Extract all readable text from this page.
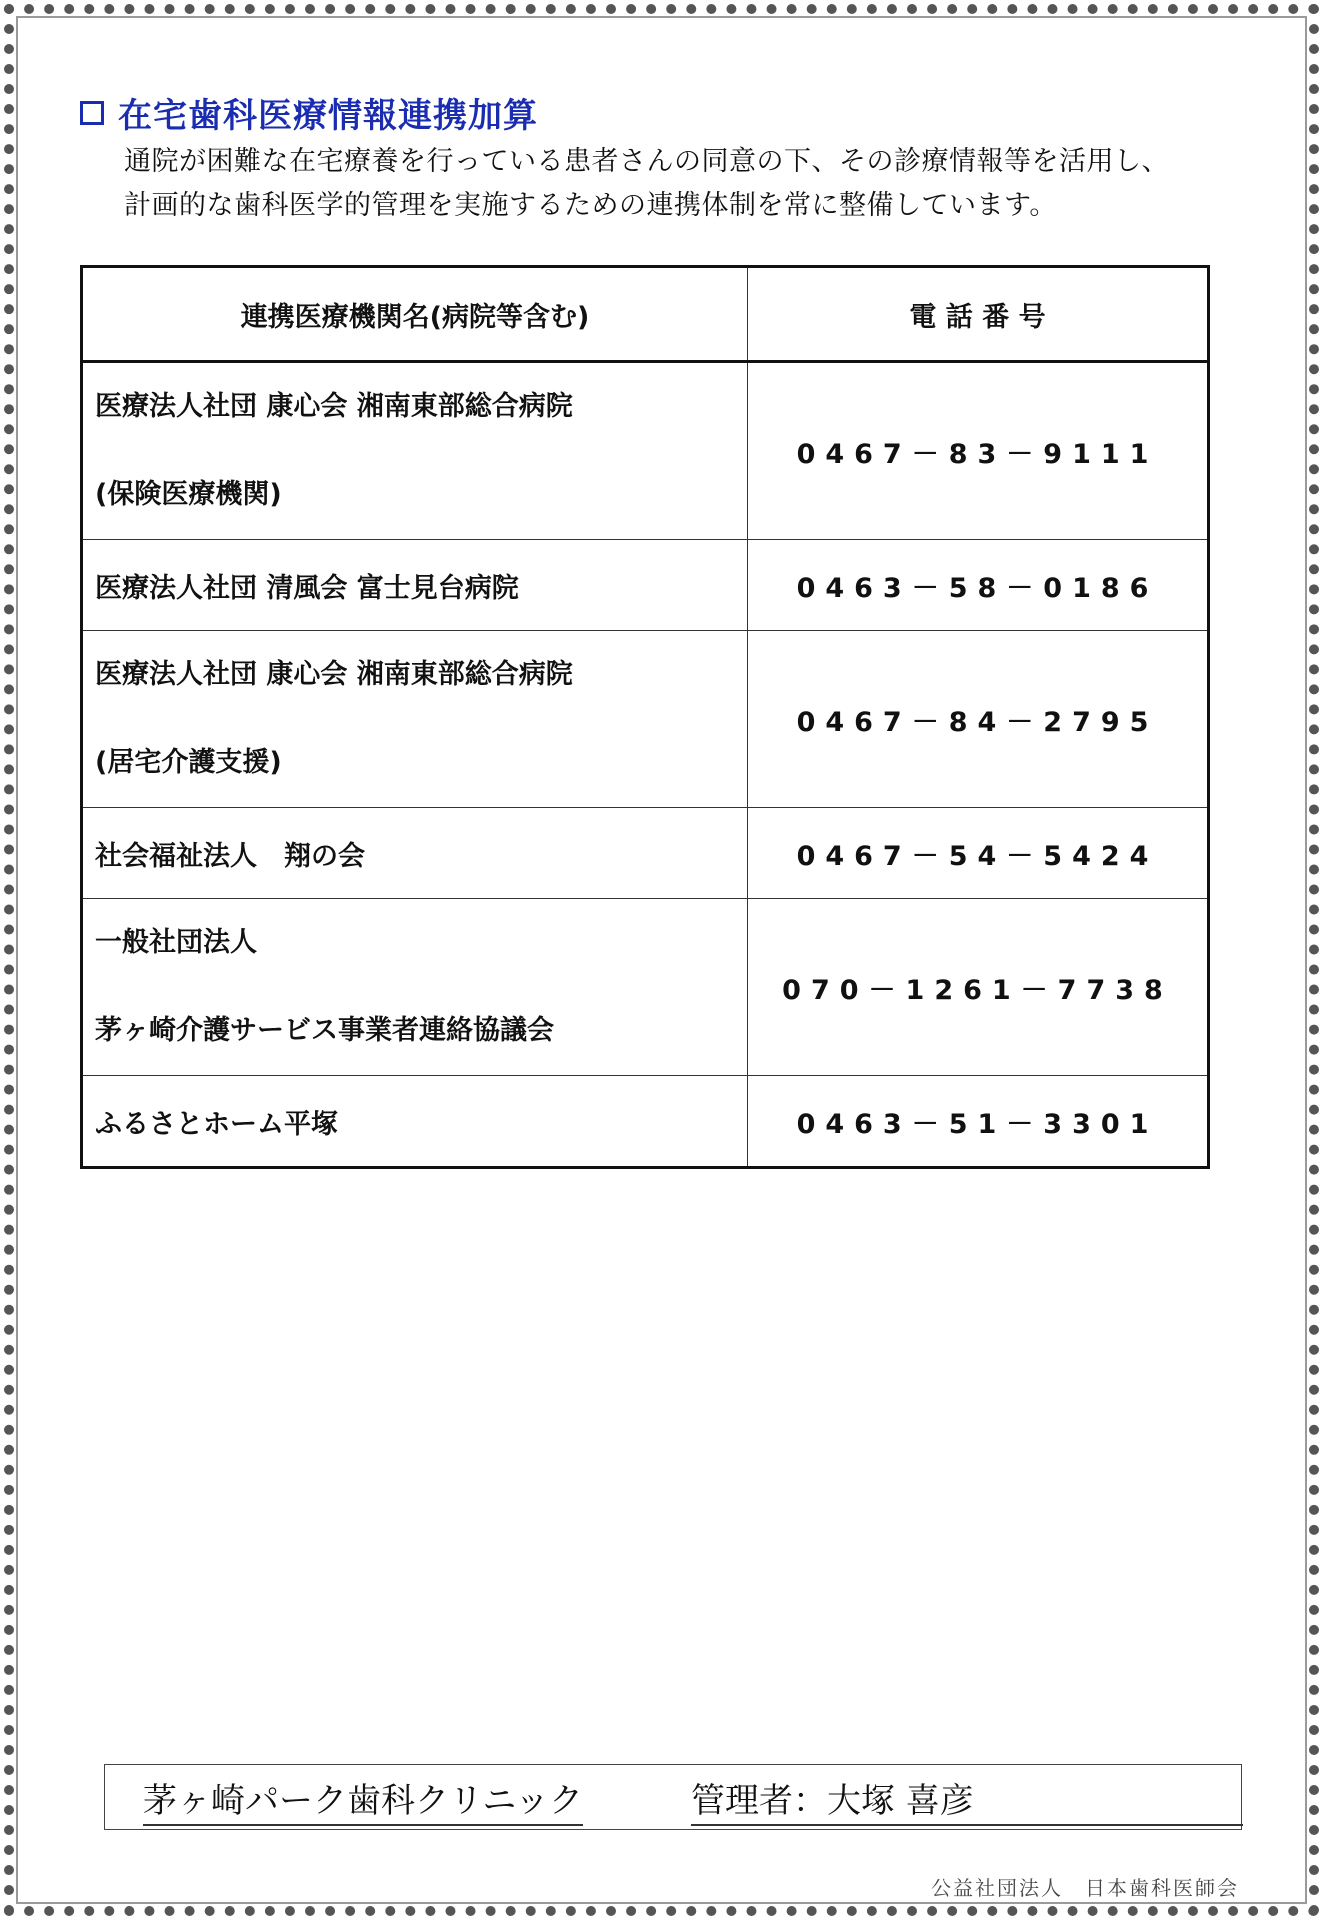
在宅歯科医療情報連携加算

通院が困難な在宅療養を行っている患者さんの同意の下、その診療情報等を活用し、

計画的な歯科医学的管理を実施するための連携体制を常に整備しています。

連携医療機関名(病院等含む)	電 話 番 号

医療法人社団 康心会 湘南東部総合病院
(保険医療機関)	0467－83－9111
医療法人社団 清風会 富士見台病院	0463－58－0186

医療法人社団 康心会 湘南東部総合病院
(居宅介護支援)	0467－84－2795
社会福祉法人　翔の会	0467－54－5424

一般社団法人
茅ヶ崎介護サービス事業者連絡協議会	070－1261－7738
ふるさとホーム平塚	0463－51－3301
茅ヶ崎パーク歯科クリニック	管理者：大塚 喜彦
公益社団法人　日本歯科医師会
